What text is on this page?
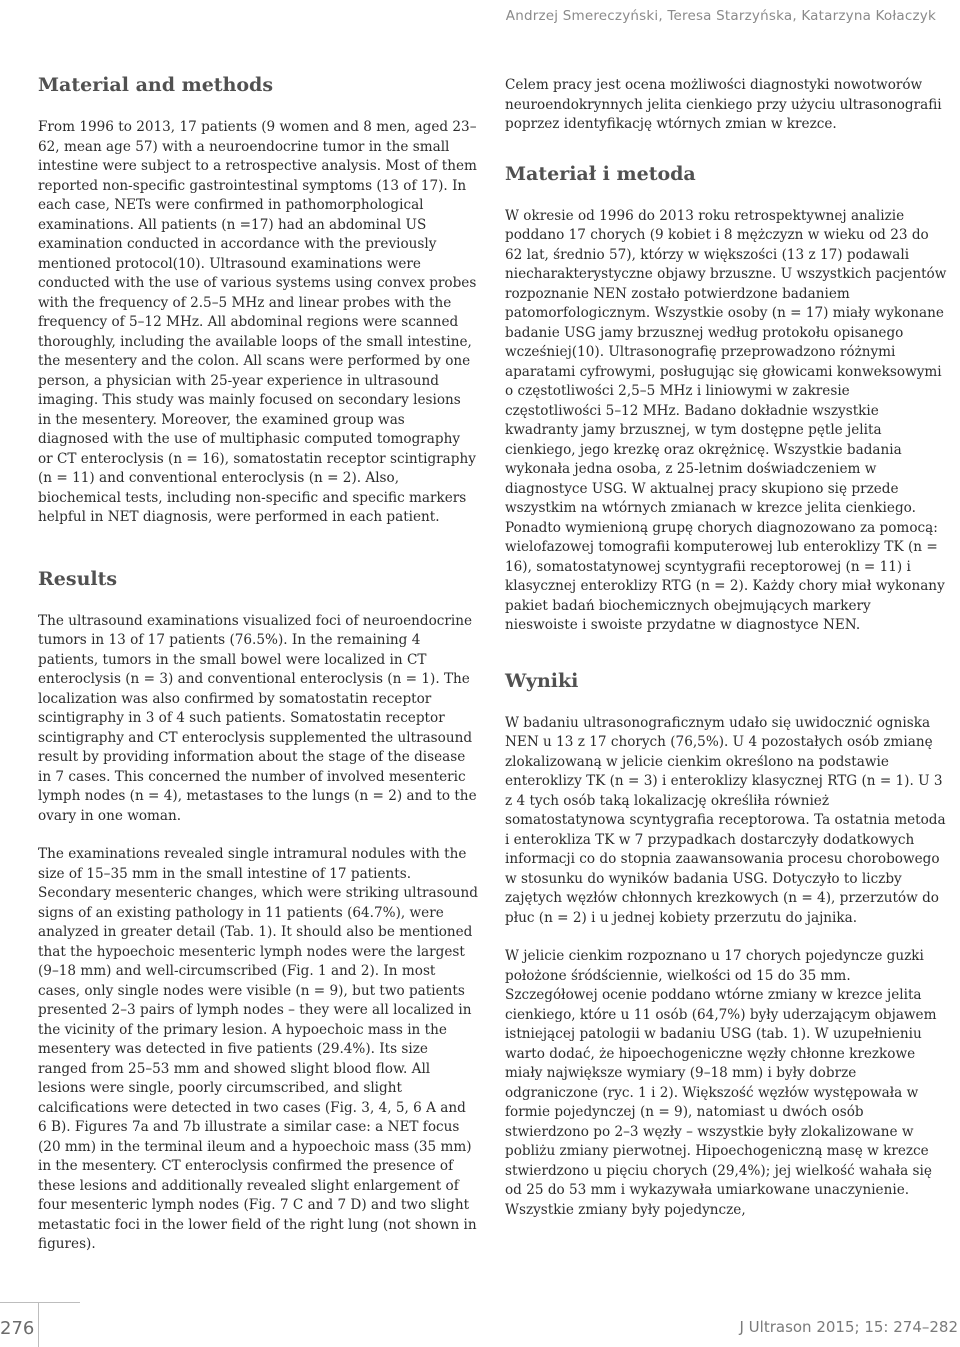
Andrzej Smereczyński, Teresa Starzyńska, Katarzyna Kołaczyk
Material and methods

From 1996 to 2013, 17 patients (9 women and 8 men, aged 23–62, mean age 57) with a neuroendocrine tumor in the small intestine were subject to a retrospective analysis. Most of them reported non-specific gastrointestinal symptoms (13 of 17). In each case, NETs were confirmed in pathomorphological examinations. All patients (n =17) had an abdominal US examination conducted in accordance with the previously mentioned protocol(10). Ultrasound examinations were conducted with the use of various systems using convex probes with the frequency of 2.5–5 MHz and linear probes with the frequency of 5–12 MHz. All abdominal regions were scanned thoroughly, including the available loops of the small intestine, the mesentery and the colon. All scans were performed by one person, a physician with 25-year experience in ultrasound imaging. This study was mainly focused on secondary lesions in the mesentery. Moreover, the examined group was diagnosed with the use of multiphasic computed tomography or CT enteroclysis (n = 16), somatostatin receptor scintigraphy (n = 11) and conventional enteroclysis (n = 2). Also, biochemical tests, including non-specific and specific markers helpful in NET diagnosis, were performed in each patient.

Results

The ultrasound examinations visualized foci of neuroendocrine tumors in 13 of 17 patients (76.5%). In the remaining 4 patients, tumors in the small bowel were localized in CT enteroclysis (n = 3) and conventional enteroclysis (n = 1). The localization was also confirmed by somatostatin receptor scintigraphy in 3 of 4 such patients. Somatostatin receptor scintigraphy and CT enteroclysis supplemented the ultrasound result by providing information about the stage of the disease in 7 cases. This concerned the number of involved mesenteric lymph nodes (n = 4), metastases to the lungs (n = 2) and to the ovary in one woman.

The examinations revealed single intramural nodules with the size of 15–35 mm in the small intestine of 17 patients. Secondary mesenteric changes, which were striking ultrasound signs of an existing pathology in 11 patients (64.7%), were analyzed in greater detail (Tab. 1). It should also be mentioned that the hypoechoic mesenteric lymph nodes were the largest (9–18 mm) and well-circumscribed (Fig. 1 and 2). In most cases, only single nodes were visible (n = 9), but two patients presented 2–3 pairs of lymph nodes – they were all localized in the vicinity of the primary lesion. A hypoechoic mass in the mesentery was detected in five patients (29.4%). Its size ranged from 25–53 mm and showed slight blood flow. All lesions were single, poorly circumscribed, and slight calcifications were detected in two cases (Fig. 3, 4, 5, 6 A and 6 B). Figures 7a and 7b illustrate a similar case: a NET focus (20 mm) in the terminal ileum and a hypoechoic mass (35 mm) in the mesentery. CT enteroclysis confirmed the presence of these lesions and additionally revealed slight enlargement of four mesenteric lymph nodes (Fig. 7 C and 7 D) and two slight metastatic foci in the lower field of the right lung (not shown in figures).

Celem pracy jest ocena możliwości diagnostyki nowotworów neuroendokrynnych jelita cienkiego przy użyciu ultrasonografii poprzez identyfikację wtórnych zmian w krezce.

Materiał i metoda

W okresie od 1996 do 2013 roku retrospektywnej analizie poddano 17 chorych (9 kobiet i 8 mężczyzn w wieku od 23 do 62 lat, średnio 57), którzy w większości (13 z 17) podawali niecharakterystyczne objawy brzuszne. U wszystkich pacjentów rozpoznanie NEN zostało potwierdzone badaniem patomorfologicznym. Wszystkie osoby (n = 17) miały wykonane badanie USG jamy brzusznej według protokołu opisanego wcześniej(10). Ultrasonografię przeprowadzono różnymi aparatami cyfrowymi, posługując się głowicami konweksowymi o częstotliwości 2,5–5 MHz i liniowymi w zakresie częstotliwości 5–12 MHz. Badano dokładnie wszystkie kwadranty jamy brzusznej, w tym dostępne pętle jelita cienkiego, jego krezkę oraz okrężnicę. Wszystkie badania wykonała jedna osoba, z 25-letnim doświadczeniem w diagnostyce USG. W aktualnej pracy skupiono się przede wszystkim na wtórnych zmianach w krezce jelita cienkiego. Ponadto wymienioną grupę chorych diagnozowano za pomocą: wielofazowej tomografii komputerowej lub enteroklizy TK (n = 16), somatostatynowej scyntygrafii receptorowej (n = 11) i klasycznej enteroklizy RTG (n = 2). Każdy chory miał wykonany pakiet badań biochemicznych obejmujących markery nieswoiste i swoiste przydatne w diagnostyce NEN.

Wyniki

W badaniu ultrasonograficznym udało się uwidocznić ogniska NEN u 13 z 17 chorych (76,5%). U 4 pozostałych osób zmianę zlokalizowaną w jelicie cienkim określono na podstawie enteroklizy TK (n = 3) i enteroklizy klasycznej RTG (n = 1). U 3 z 4 tych osób taką lokalizację określiła również somatostatynowa scyntygrafia receptorowa. Ta ostatnia metoda i enterokliza TK w 7 przypadkach dostarczyły dodatkowych informacji co do stopnia zaawansowania procesu chorobowego w stosunku do wyników badania USG. Dotyczyło to liczby zajętych węzłów chłonnych krezkowych (n = 4), przerzutów do płuc (n = 2) i u jednej kobiety przerzutu do jajnika.

W jelicie cienkim rozpoznano u 17 chorych pojedyncze guzki położone śródściennie, wielkości od 15 do 35 mm. Szczegółowej ocenie poddano wtórne zmiany w krezce jelita cienkiego, które u 11 osób (64,7%) były uderzającym objawem istniejącej patologii w badaniu USG (tab. 1). W uzupełnieniu warto dodać, że hipoechogeniczne węzły chłonne krezkowe miały największe wymiary (9–18 mm) i były dobrze odgraniczone (ryc. 1 i 2). Większość węzłów występowała w formie pojedynczej (n = 9), natomiast u dwóch osób stwierdzono po 2–3 węzły – wszystkie były zlokalizowane w pobliżu zmiany pierwotnej. Hipoechogeniczną masę w krezce stwierdzono u pięciu chorych (29,4%); jej wielkość wahała się od 25 do 53 mm i wykazywała umiarkowane unaczynienie. Wszystkie zmiany były pojedyncze,

276	J Ultrason 2015; 15: 274–282
